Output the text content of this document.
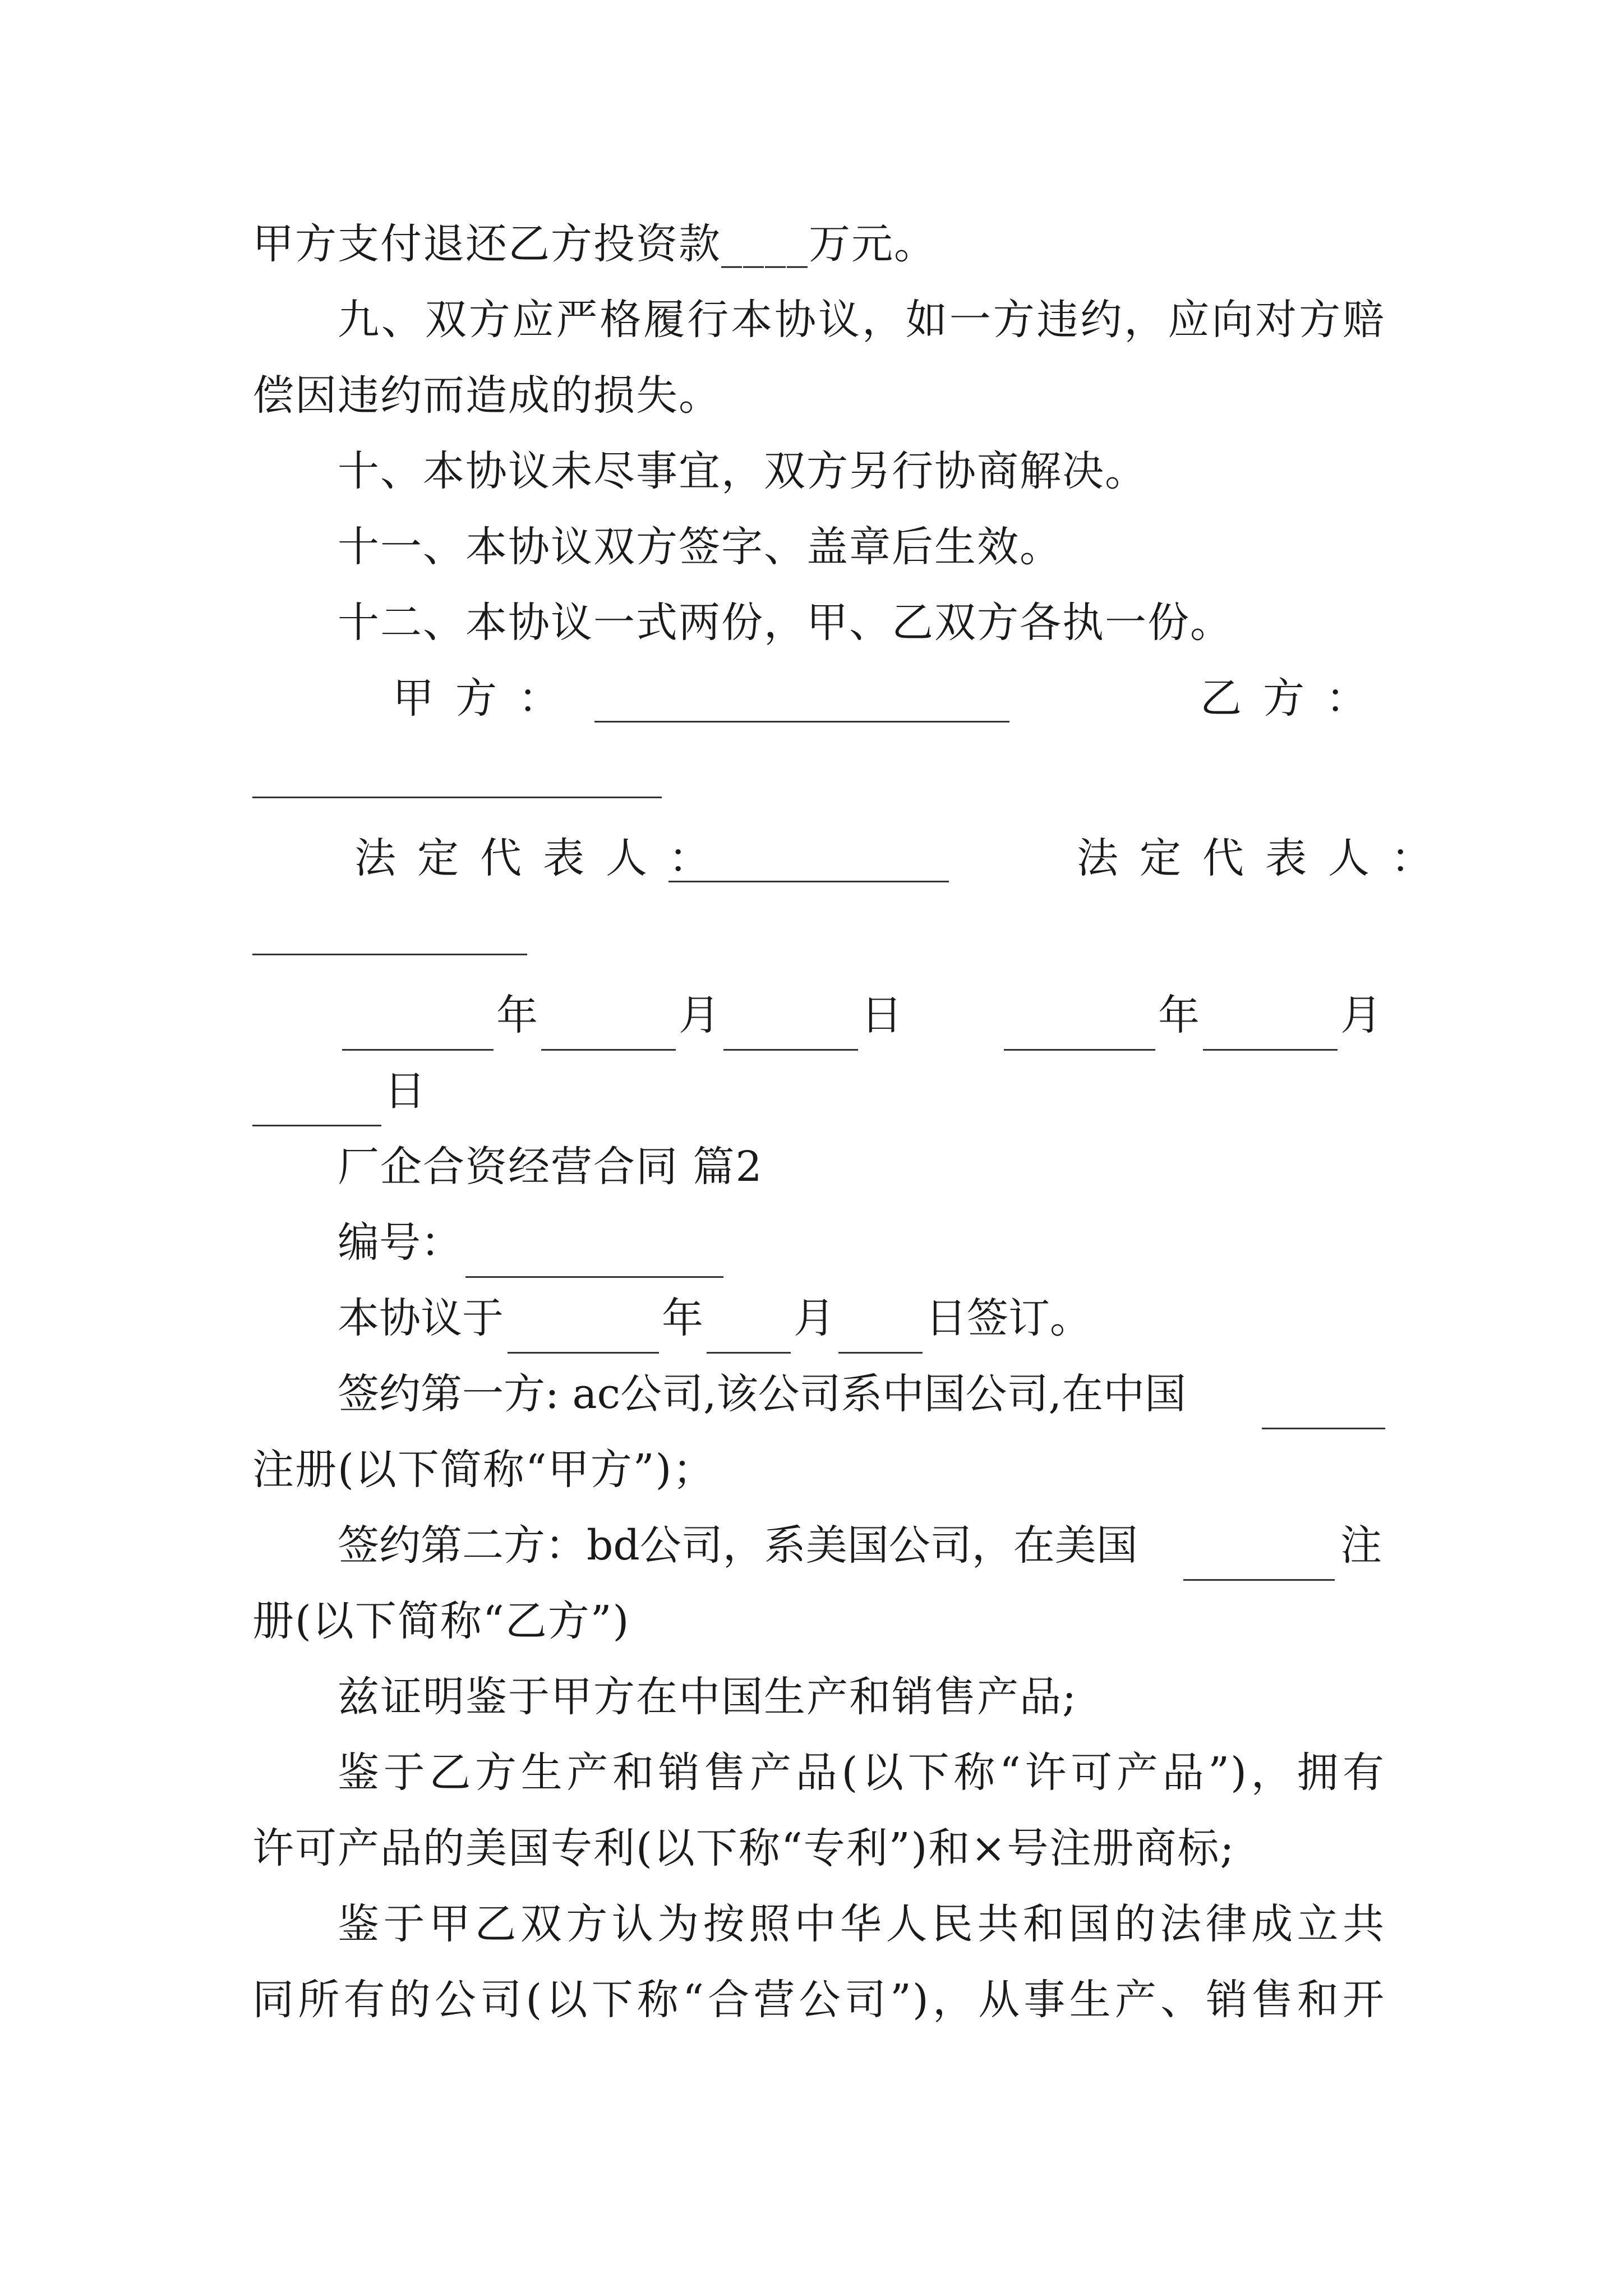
甲方支付退还乙方投资款____万元。
九、双方应严格履行本协议，如一方违约，应向对方赔
偿因违约而造成的损失。
十、本协议未尽事宜，双方另行协商解决。
十一、本协议双方签字、盖章后生效。
十二、本协议一式两份，甲、乙双方各执一份。
甲方：	乙方：
法定代表人：	法定代表人：
年	月	日	年	月
日
厂企合资经营合同 篇2
编号：
本协议于	年 月 日签订。
签约第一方: ac公司,该公司系中国公司,在中国
注册(以下简称“甲方”)；
签约第二方：bd公司，系美国公司，在美国	注
册(以下简称“乙方”)
兹证明鉴于甲方在中国生产和销售产品;
鉴于乙方生产和销售产品(以下称“许可产品”)，拥有
许可产品的美国专利(以下称“专利”)和×号注册商标;
鉴于甲乙双方认为按照中华人民共和国的法律成立共
同所有的公司(以下称“合营公司”)，从事生产、销售和开
